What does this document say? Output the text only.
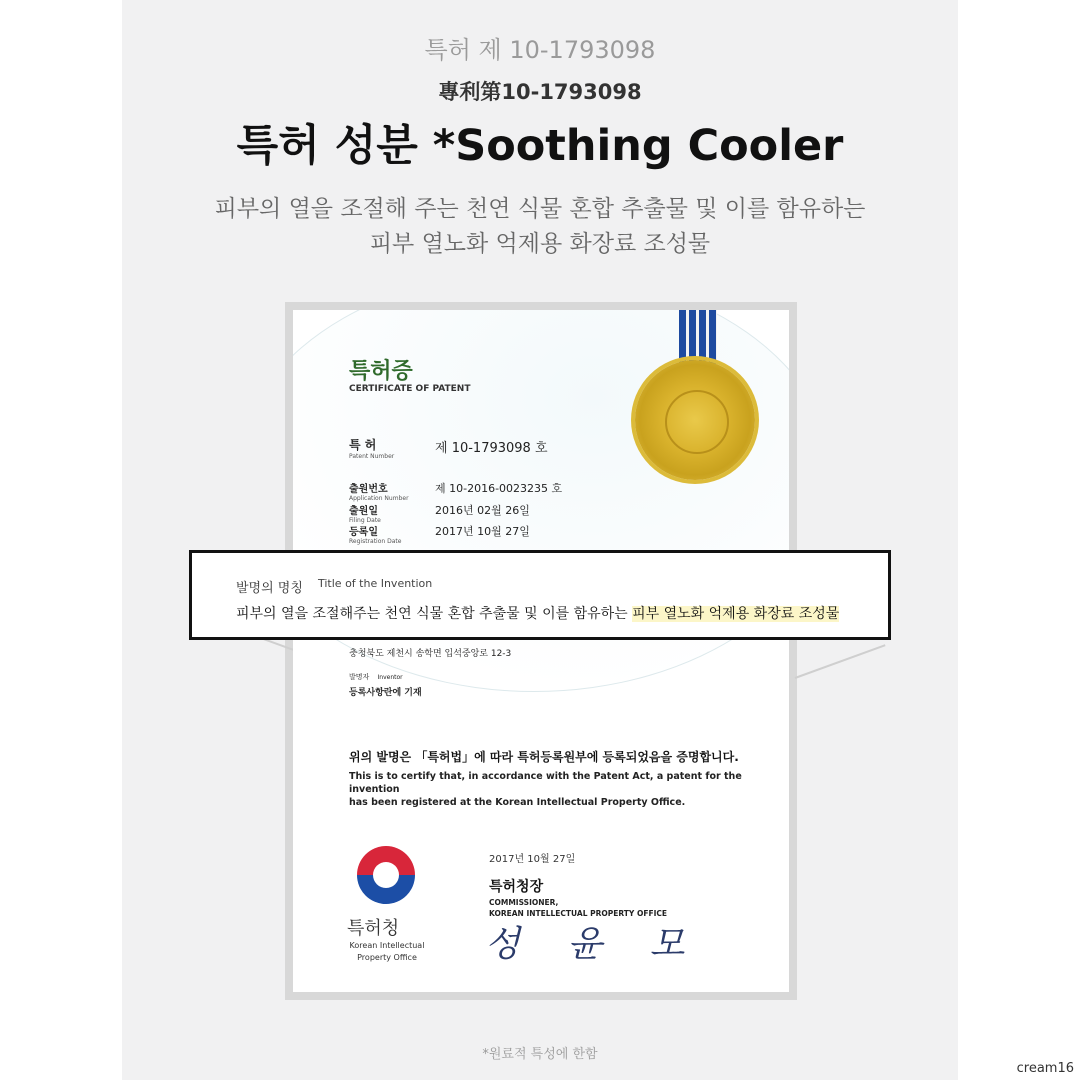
특허 제 10-1793098
專利第10-1793098
특허 성분 *Soothing Cooler
피부의 열을 조절해 주는 천연 식물 혼합 추출물 및 이를 함유하는
피부 열노화 억제용 화장료 조성물
특허증
CERTIFICATE OF PATENT
특 허
Patent Number
제 10-1793098 호
출원번호
Application Number
제 10-2016-0023235 호
출원일
Filing Date
2016년 02월 26일
등록일
Registration Date
2017년 10월 27일
충청북도 제천시 송학면 입석중앙로 12-3
발명자 Inventor
등록사항란에 기재
위의 발명은 「특허법」에 따라 특허등록원부에 등록되었음을 증명합니다.
This is to certify that, in accordance with the Patent Act, a patent for the invention
has been registered at the Korean Intellectual Property Office.
특허청
Korean Intellectual
Property Office
2017년 10월 27일
특허청장
COMMISSIONER,
KOREAN INTELLECTUAL PROPERTY OFFICE
성 윤 모
발명의 명칭 Title of the Invention
피부의 열을 조절해주는 천연 식물 혼합 추출물 및 이를 함유하는 피부 열노화 억제용 화장료 조성물
*원료적 특성에 한함
cream16
